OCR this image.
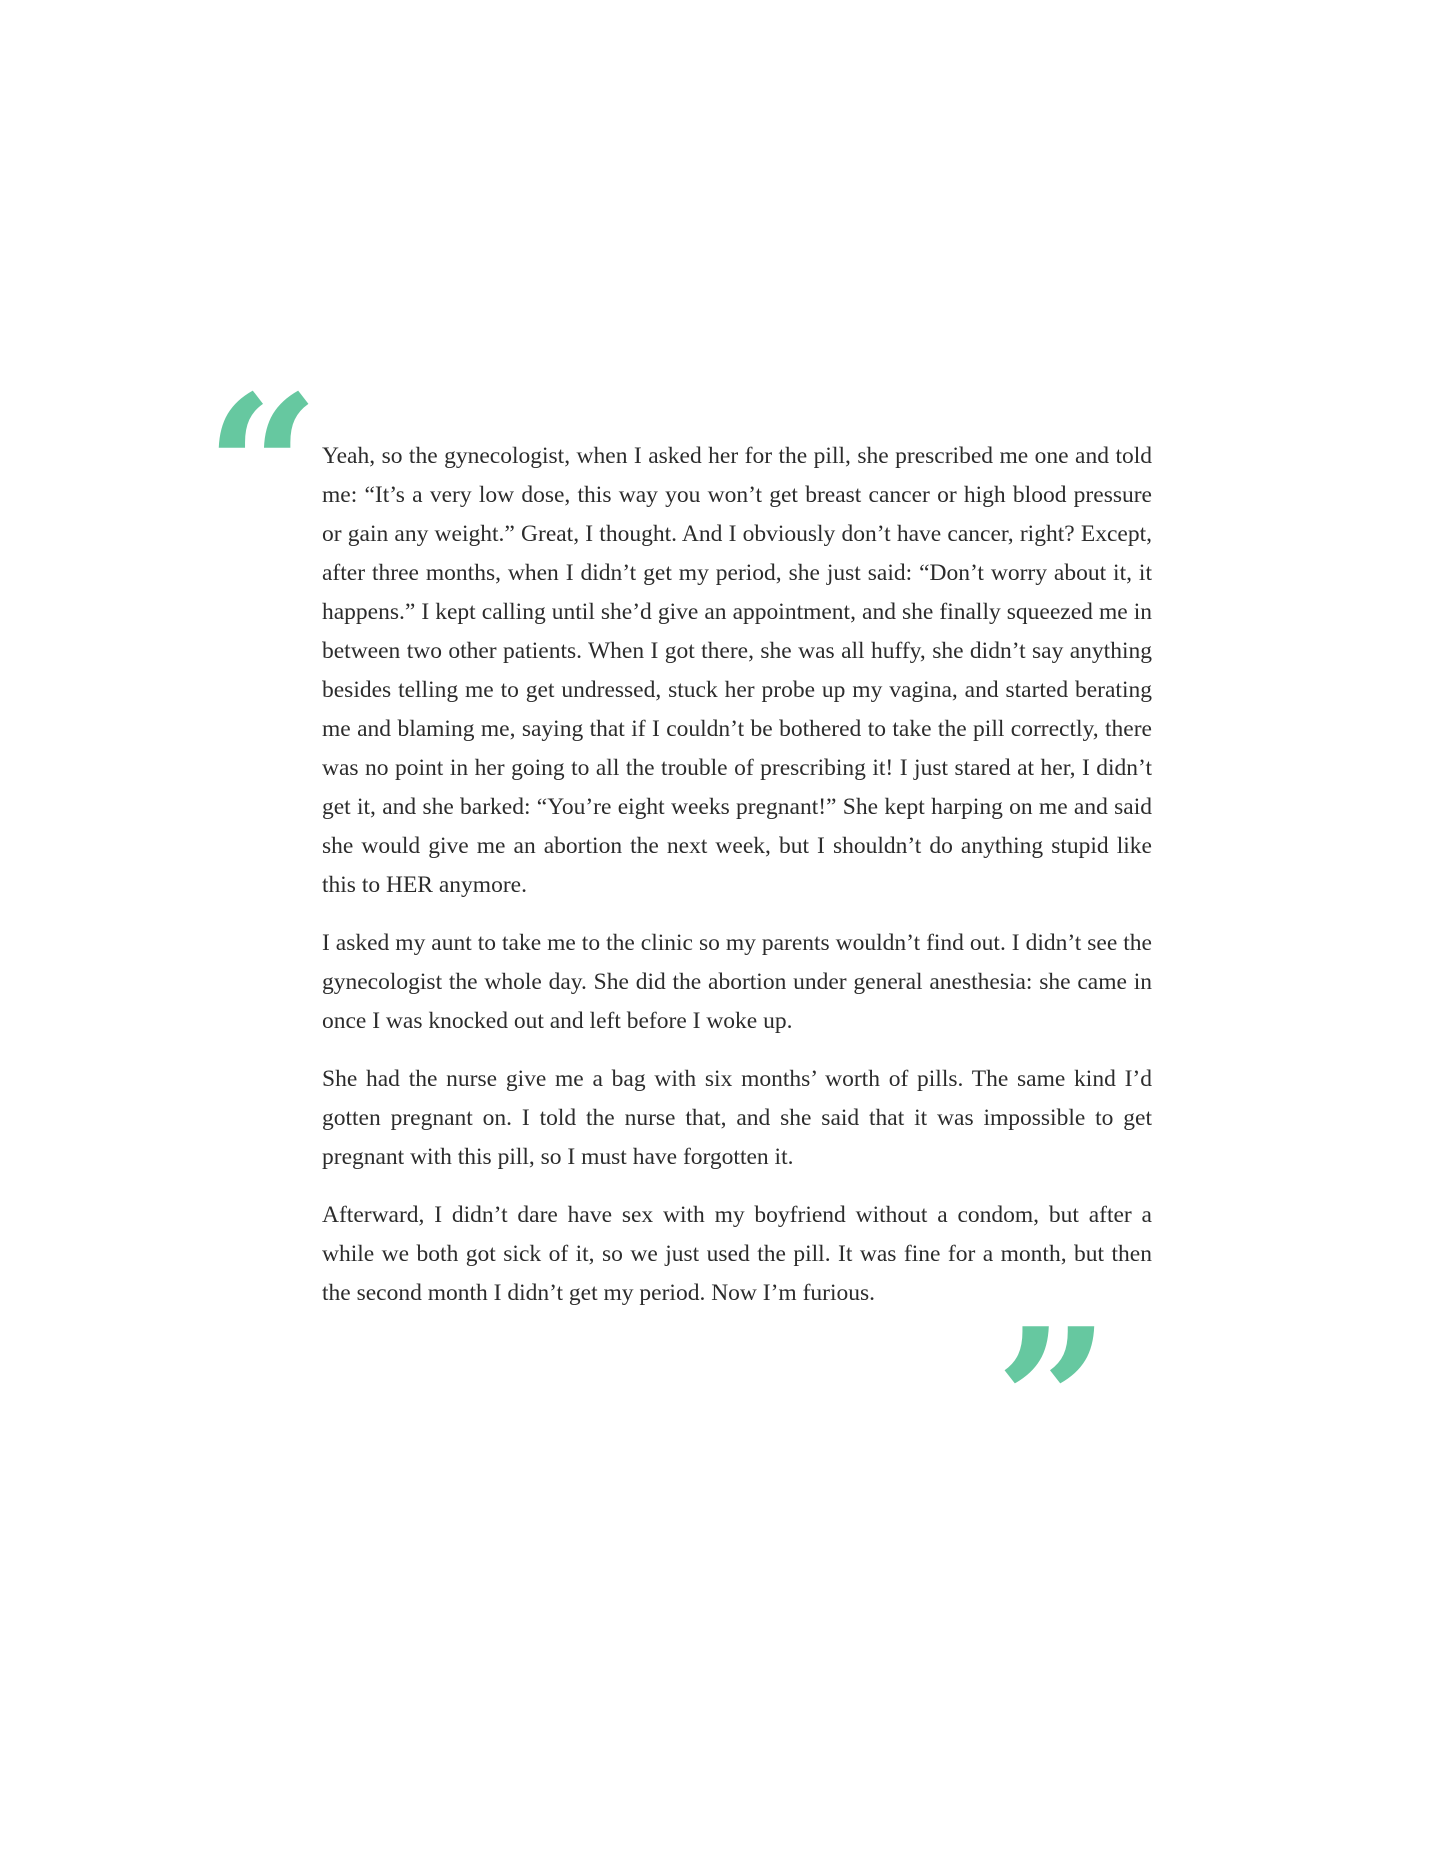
“ Yeah, so the gynecologist, when I asked her for the pill, she prescribed me one and told me: “It’s a very low dose, this way you won’t get breast cancer or high blood pressure or gain any weight.” Great, I thought. And I obviously don’t have cancer, right? Except, after three months, when I didn’t get my period, she just said: “Don’t worry about it, it happens.” I kept calling until she’d give an appointment, and she finally squeezed me in between two other patients. When I got there, she was all huffy, she didn’t say anything besides telling me to get undressed, stuck her probe up my vagina, and started berating me and blaming me, saying that if I couldn’t be bothered to take the pill correctly, there was no point in her going to all the trouble of prescribing it! I just stared at her, I didn’t get it, and she barked: “You’re eight weeks pregnant!” She kept harping on me and said she would give me an abortion the next week, but I shouldn’t do anything stupid like this to HER anymore.

I asked my aunt to take me to the clinic so my parents wouldn’t find out. I didn’t see the gynecologist the whole day. She did the abortion under general anesthesia: she came in once I was knocked out and left before I woke up.

She had the nurse give me a bag with six months’ worth of pills. The same kind I’d gotten pregnant on. I told the nurse that, and she said that it was impossible to get pregnant with this pill, so I must have forgotten it.

Afterward, I didn’t dare have sex with my boyfriend without a condom, but after a while we both got sick of it, so we just used the pill. It was fine for a month, but then the second month I didn’t get my period. Now I’m furious. ”
